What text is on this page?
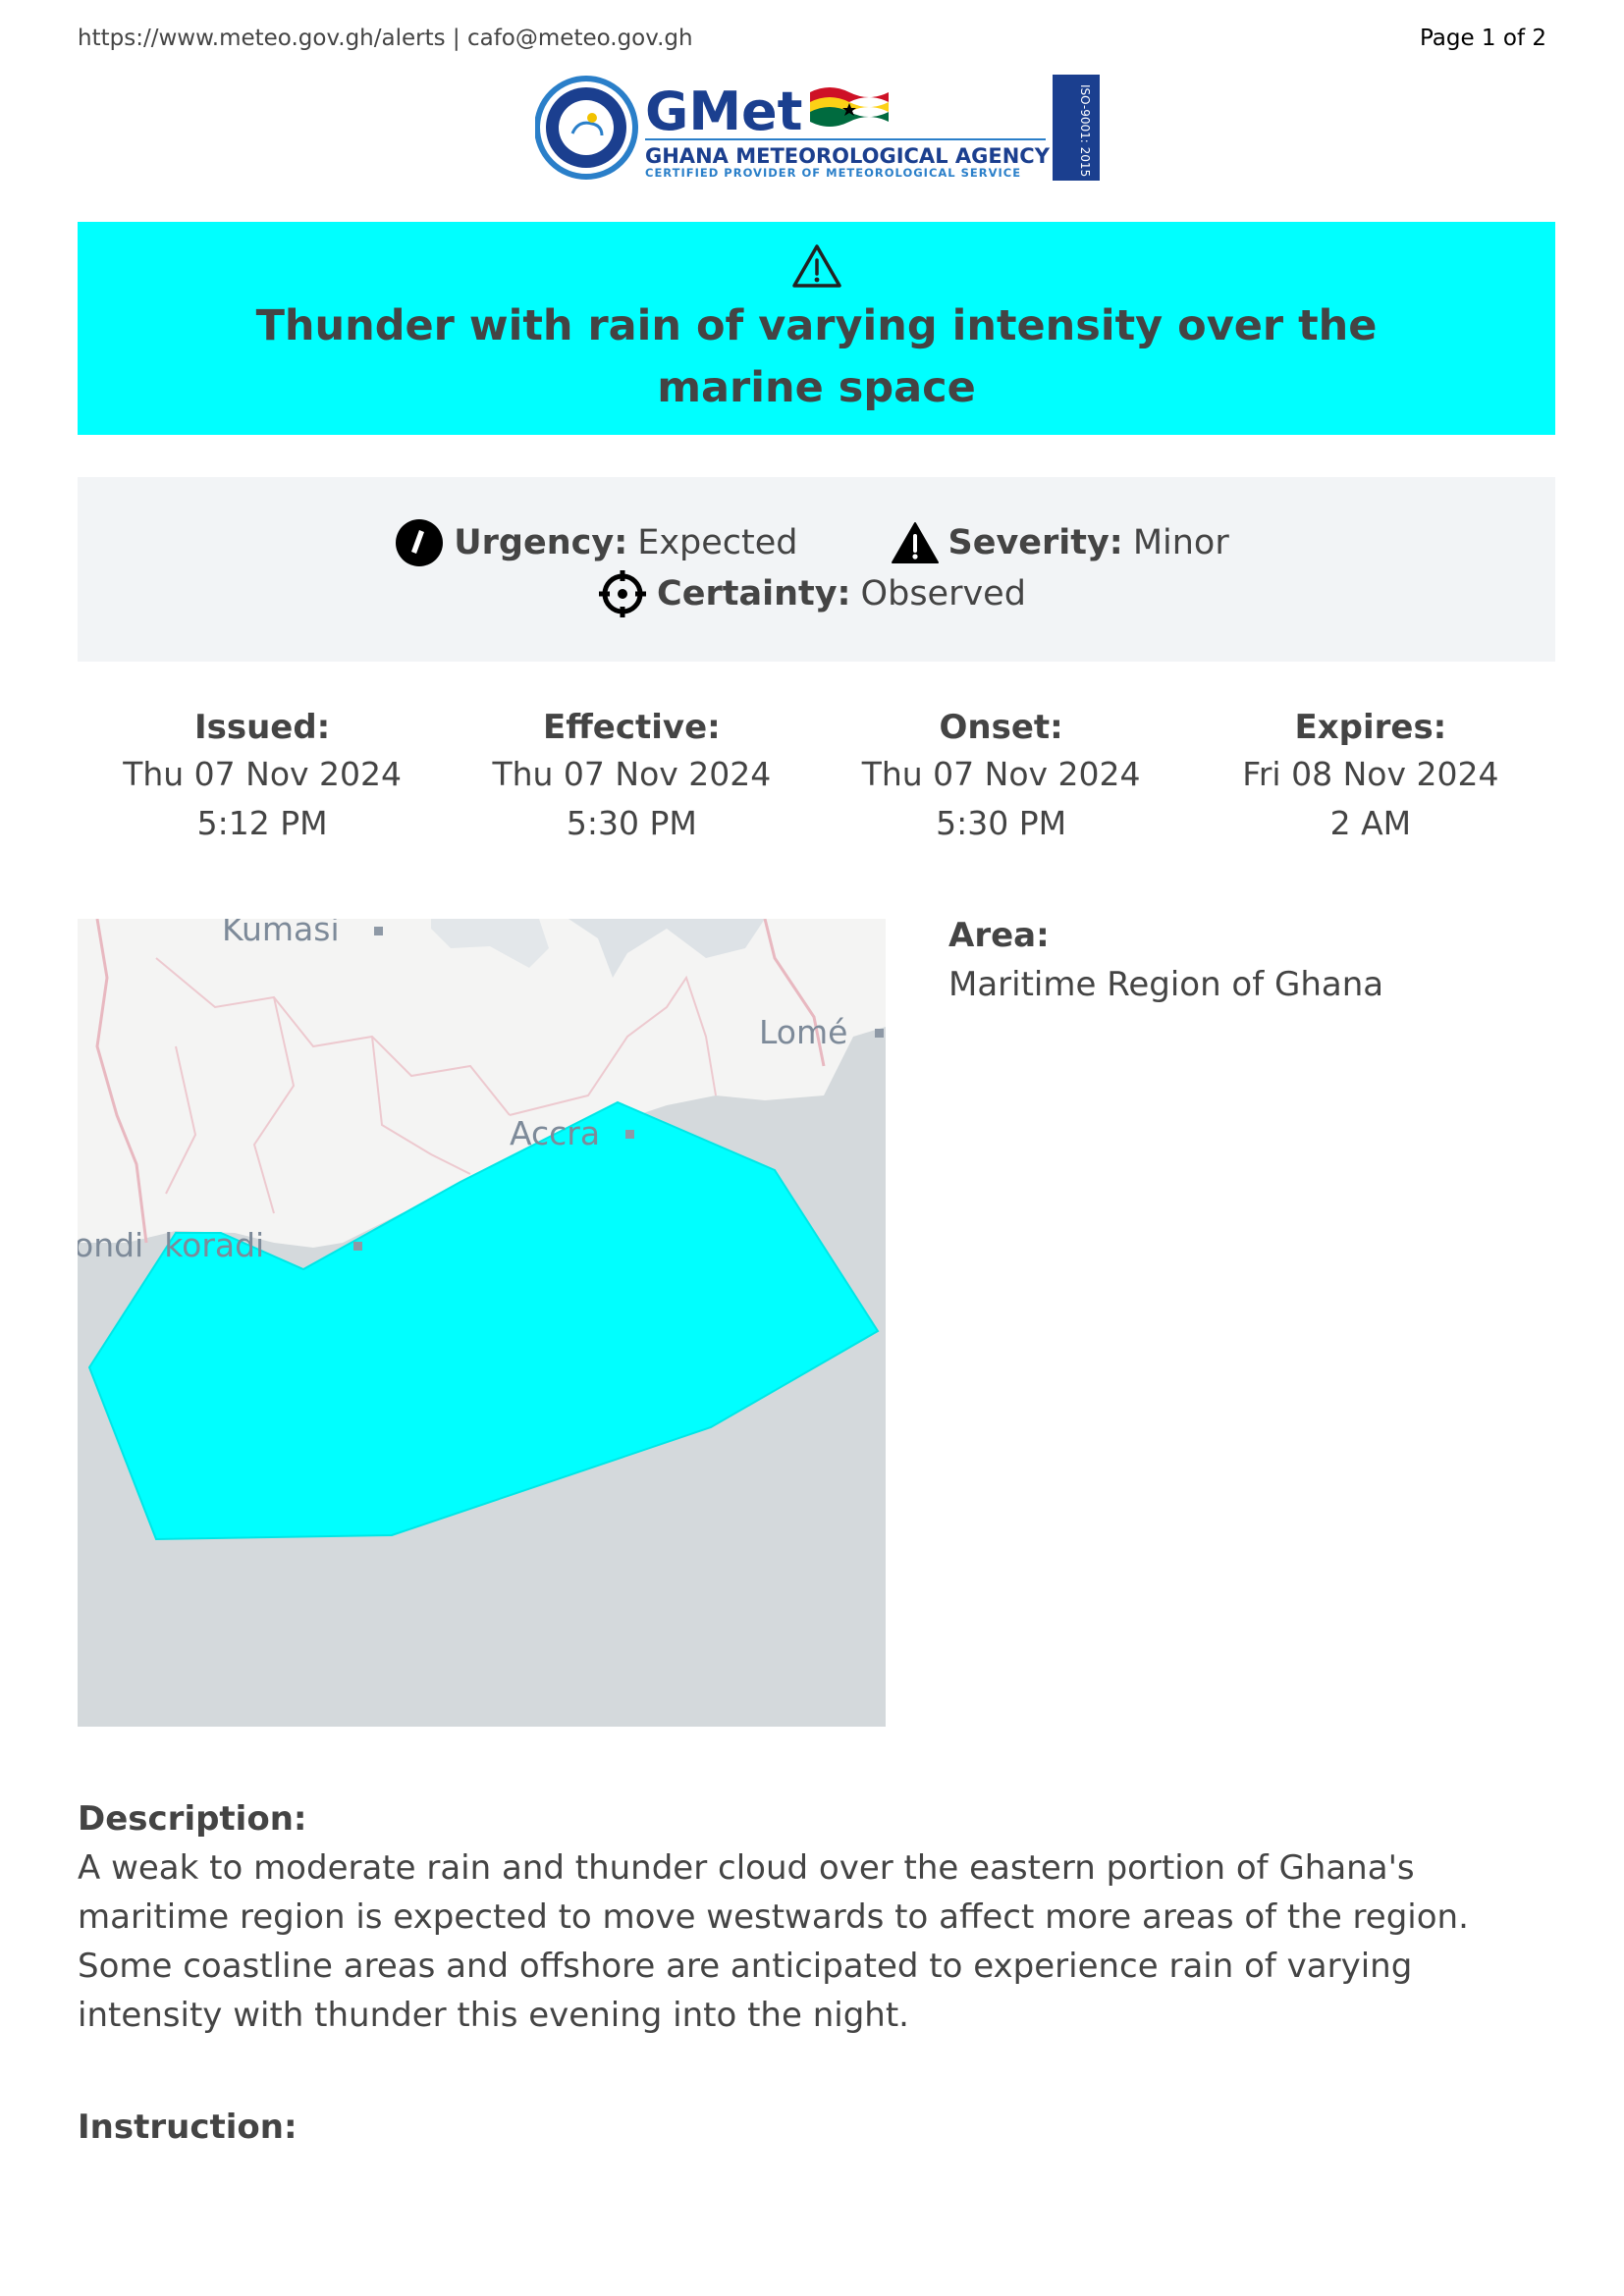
https://www.meteo.gov.gh/alerts | cafo@meteo.gov.gh	Page 1 of 2
GMet
GHANA METEOROLOGICAL AGENCY
CERTIFIED PROVIDER OF METEOROLOGICAL SERVICE	ISO-9001: 2015
Thunder with rain of varying intensity over the marine space
Urgency: Expected	Severity: Minor
Certainty: Observed
Issued:
Thu 07 Nov 2024
5:12 PM
Effective:
Thu 07 Nov 2024
5:30 PM
Onset:
Thu 07 Nov 2024
5:30 PM
Expires:
Fri 08 Nov 2024
2 AM
Kumasi
Lomé
Accra
ondi  koradi
Area:
Maritime Region of Ghana
Description:

A weak to moderate rain and thunder cloud over the eastern portion of Ghana's maritime region is expected to move westwards to affect more areas of the region. Some coastline areas and offshore are anticipated to experience rain of varying intensity with thunder this evening into the night.

Instruction:
